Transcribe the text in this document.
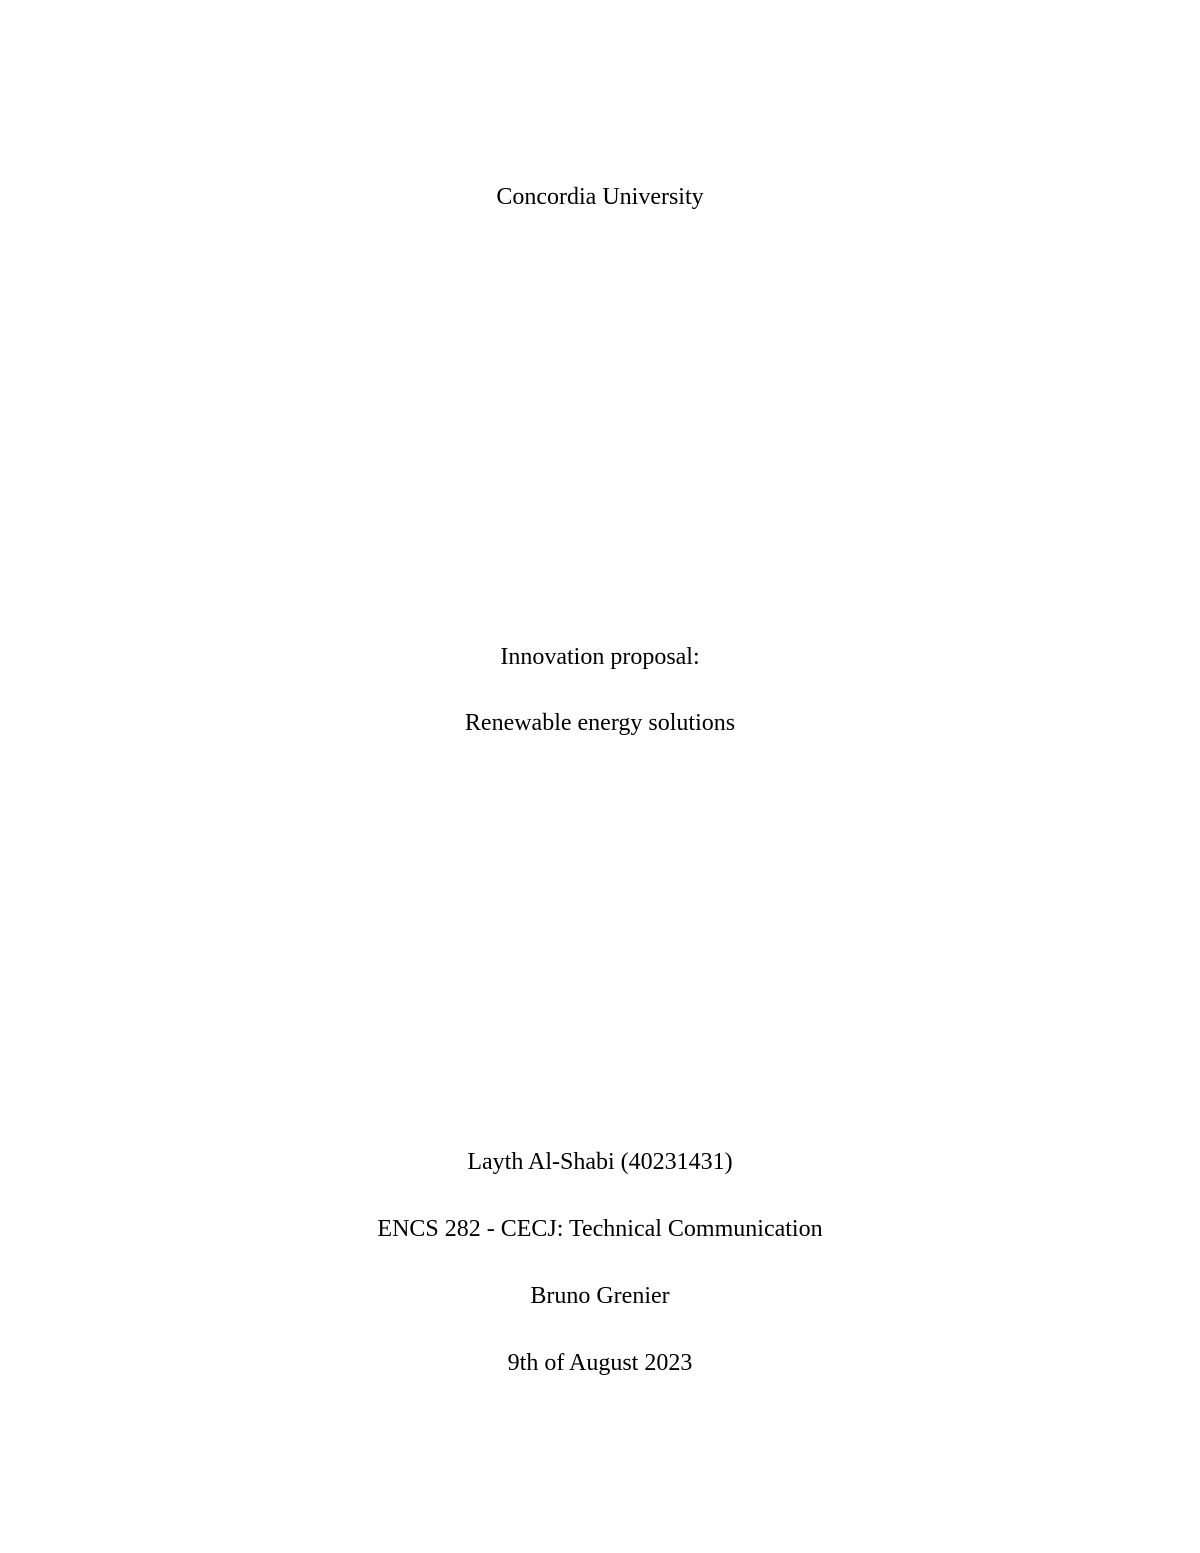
Concordia University
Innovation proposal:
Renewable energy solutions
Layth Al-Shabi (40231431)
ENCS 282 - CECJ: Technical Communication
Bruno Grenier
9th of August 2023
